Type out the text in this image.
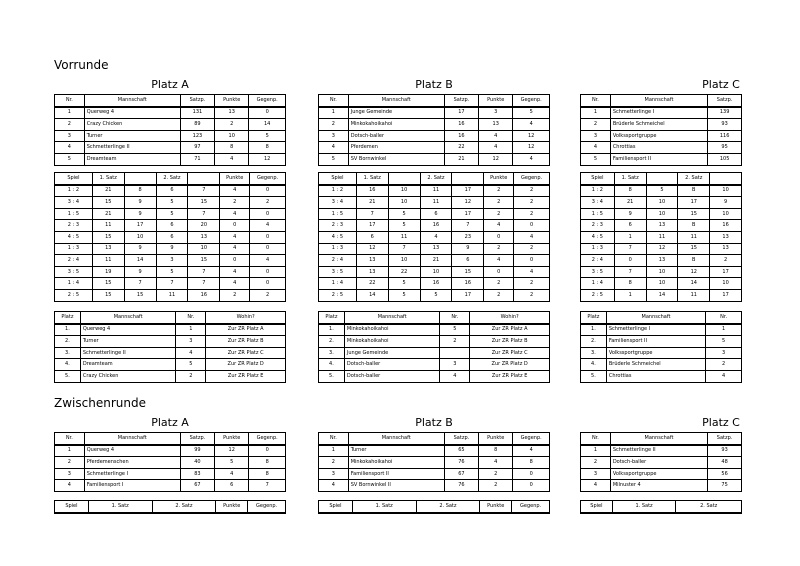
Vorrunde
Zwischenrunde
Platz A
Nr.	Mannschaft	Satzp.	Punkte	Gegenp.
1	Querweg 4	131	13	0
2	Crazy Chicken	89	2	14
3	Turner	123	10	5
4	Schmetterlinge II	97	8	8
5	Dreamteam	71	4	12
Spiel	1. Satz		2. Satz		Punkte	Gegenp.
1 : 2	21	8	6	7	4	0
3 : 4	15	9	5	15	2	2
1 : 5	21	9	5	7	4	0
2 : 3	11	17	6	20	0	4
4 : 5	15	10	6	13	4	0
1 : 3	13	9	9	10	4	0
2 : 4	11	14	3	15	0	4
3 : 5	19	9	5	7	4	0
1 : 4	15	7	7	7	4	0
2 : 5	15	15	11	16	2	2
Platz	Mannschaft	Nr.	Wohin?
1.	Querweg 4	1	Zur ZR Platz A
2.	Turner	3	Zur ZR Platz B
3.	Schmetterlinge II	4	Zur ZR Platz C
4.	Dreamteam	5	Zur ZR Platz D
5.	Crazy Chicken	2	Zur ZR Platz E
Platz B
Nr.	Mannschaft	Satzp.	Punkte	Gegenp.
1	Junge Gemeinde	17	3	5
2	Minkokahoikahoi	16	13	4
3	Dotsch-baller	16	4	12
4	Pferdemen	22	4	12
5	SV Bornwinkel	21	12	4
Spiel	1. Satz		2. Satz		Punkte	Gegenp.
1 : 2	16	10	11	17	2	2
3 : 4	21	10	11	12	2	2
1 : 5	7	5	6	17	2	2
2 : 3	17	5	16	7	4	0
4 : 5	6	11	4	23	0	4
1 : 3	12	7	13	9	2	2
2 : 4	13	10	21	6	4	0
3 : 5	13	22	10	15	0	4
1 : 4	22	5	16	16	2	2
2 : 5	14	5	5	17	2	2
Platz	Mannschaft	Nr.	Wohin?
1.	Minkokahoikahoi	5	Zur ZR Platz A
2.	Minkokahoikahoi	2	Zur ZR Platz B
3.	Junge Gemeinde		Zur ZR Platz C
4.	Dotsch-baller	3	Zur ZR Platz D
5.	Dotsch-baller	4	Zur ZR Platz E
Platz C
Nr.	Mannschaft	Satzp.
1	Schmetterlinge I	139
2	Brüderle Schmeichel	93
3	Volkssportgruppe	116
4	Chrottias	95
5	Familiensport II	105
Spiel	1. Satz		2. Satz	
1 : 2	8	5	B	10
3 : 4	21	10	17	9
1 : 5	9	10	15	10
2 : 3	6	13	B	16
4 : 5	1	11	11	13
1 : 3	7	12	15	13
2 : 4	0	13	B	2
3 : 5	7	10	12	17
1 : 4	8	10	14	10
2 : 5	1	14	11	17
Platz	Mannschaft	Nr.
1.	Schmetterlinge I	1
2.	Familiensport II	5
3.	Volkssportgruppe	3
4.	Brüderle Schmeichel	2
5.	Chrottias	4
Platz A
Nr.	Mannschaft	Satzp.	Punkte	Gegenp.
1	Querweg 4	99	12	0
2	Pferdemenschen	40	5	8
3	Schmetterlinge I	83	4	8
4	Familiensport I	67	6	7
Spiel	1. Satz	2. Satz	Punkte	Gegenp.
Platz B
Nr.	Mannschaft	Satzp.	Punkte	Gegenp.
1	Turner	65	8	4
2	Minkokahoikahoi	76	4	8
3	Familiensport II	67	2	0
4	SV Bornwinkel II	76	2	0
Spiel	1. Satz	2. Satz	Punkte	Gegenp.
Platz C
Nr.	Mannschaft	Satzp.
1	Schmetterlinge II	93
2	Dotsch-baller	48
3	Volkssportgruppe	56
4	Milnuster 4	75
Spiel	1. Satz	2. Satz
